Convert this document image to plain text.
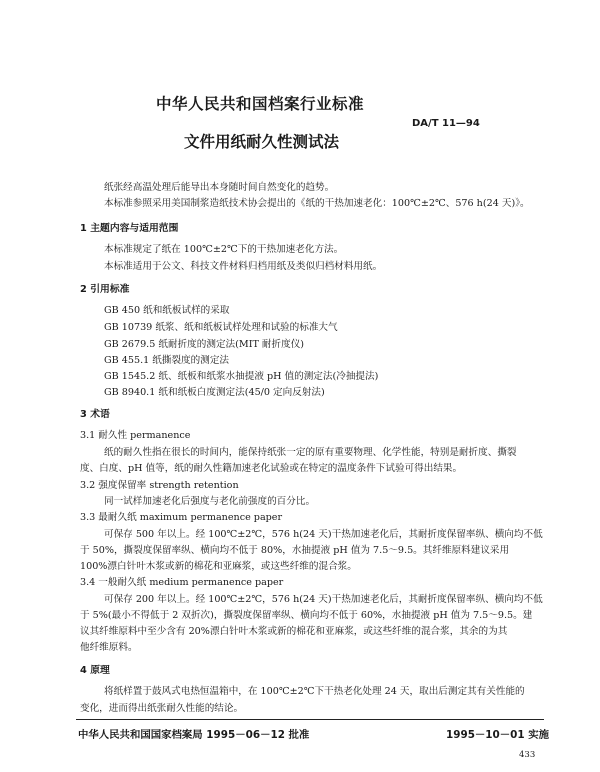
中华人民共和国档案行业标准
DA/T 11—94
文件用纸耐久性测试法
纸张经高温处理后能导出本身随时间自然变化的趋势。
本标准参照采用美国制浆造纸技术协会提出的《纸的干热加速老化：100℃±2℃、576 h(24 天)》。
1 主题内容与适用范围
本标准规定了纸在 100℃±2℃下的干热加速老化方法。
本标准适用于公文、科技文件材料归档用纸及类似归档材料用纸。
2 引用标准
GB 450 纸和纸板试样的采取
GB 10739 纸浆、纸和纸板试样处理和试验的标准大气
GB 2679.5 纸耐折度的测定法(MIT 耐折度仪)
GB 455.1 纸撕裂度的测定法
GB 1545.2 纸、纸板和纸浆水抽提液 pH 值的测定法(冷抽提法)
GB 8940.1 纸和纸板白度测定法(45/0 定向反射法)
3 术语
3.1 耐久性 permanence
纸的耐久性指在很长的时间内，能保持纸张一定的原有重要物理、化学性能，特别是耐折度、撕裂
度、白度、pH 值等，纸的耐久性籍加速老化试验或在特定的温度条件下试验可得出结果。
3.2 强度保留率 strength retention
同一试样加速老化后强度与老化前强度的百分比。
3.3 最耐久纸 maximum permanence paper
可保存 500 年以上。经 100℃±2℃，576 h(24 天)干热加速老化后，其耐折度保留率纵、横向均不低
于 50%，撕裂度保留率纵、横向均不低于 80%，水抽提液 pH 值为 7.5～9.5。其纤维原料建议采用
100%漂白针叶木浆或新的棉花和亚麻浆，或这些纤维的混合浆。
3.4 一般耐久纸 medium permanence paper
可保存 200 年以上。经 100℃±2℃，576 h(24 天)干热加速老化后，其耐折度保留率纵、横向均不低
于 5%(最小不得低于 2 双折次)，撕裂度保留率纵、横向均不低于 60%，水抽提液 pH 值为 7.5～9.5。建
议其纤维原料中至少含有 20%漂白针叶木浆或新的棉花和亚麻浆，或这些纤维的混合浆，其余的为其
他纤维原料。
4 原理
将纸样置于鼓风式电热恒温箱中，在 100℃±2℃下干热老化处理 24 天，取出后测定其有关性能的
变化，进而得出纸张耐久性能的结论。
中华人民共和国国家档案局 1995－06－12 批准	1995－10－01 实施
433
